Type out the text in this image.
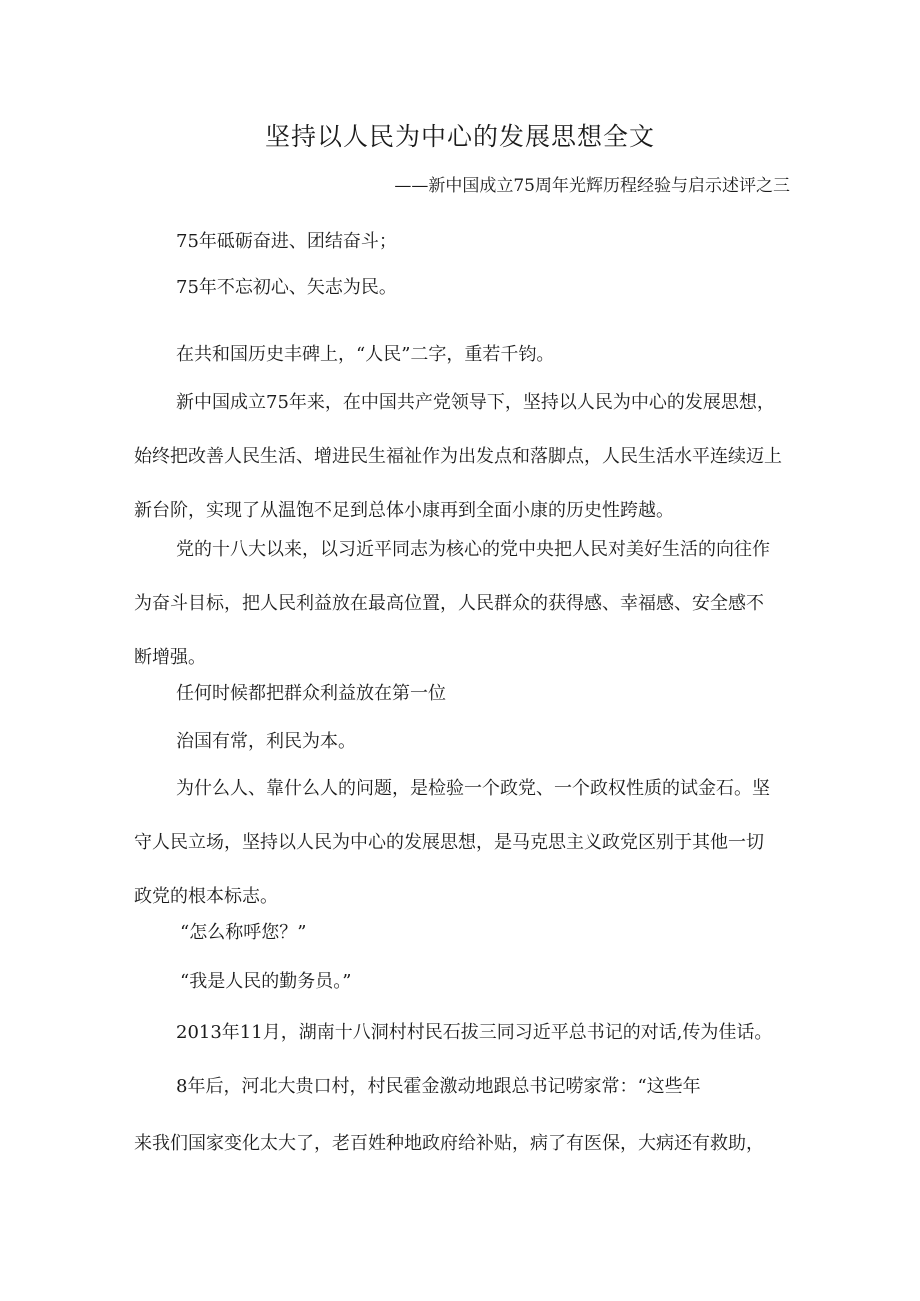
坚持以人民为中心的发展思想全文
——新中国成立75周年光辉历程经验与启示述评之三
75年砥砺奋进、团结奋斗；
75年不忘初心、矢志为民。
在共和国历史丰碑上，“人民”二字，重若千钧。
新中国成立75年来，在中国共产党领导下，坚持以人民为中心的发展思想，
始终把改善人民生活、增进民生福祉作为出发点和落脚点，人民生活水平连续迈上
新台阶，实现了从温饱不足到总体小康再到全面小康的历史性跨越。
党的十八大以来，以习近平同志为核心的党中央把人民对美好生活的向往作
为奋斗目标，把人民利益放在最高位置，人民群众的获得感、幸福感、安全感不
断增强。
任何时候都把群众利益放在第一位
治国有常，利民为本。
为什么人、靠什么人的问题，是检验一个政党、一个政权性质的试金石。坚
守人民立场，坚持以人民为中心的发展思想，是马克思主义政党区别于其他一切
政党的根本标志。
“怎么称呼您？”
“我是人民的勤务员。”
2013年11月，湖南十八洞村村民石拔三同习近平总书记的对话,传为佳话。
8年后，河北大贵口村，村民霍金激动地跟总书记唠家常：“这些年
来我们国家变化太大了，老百姓种地政府给补贴，病了有医保，大病还有救助，
